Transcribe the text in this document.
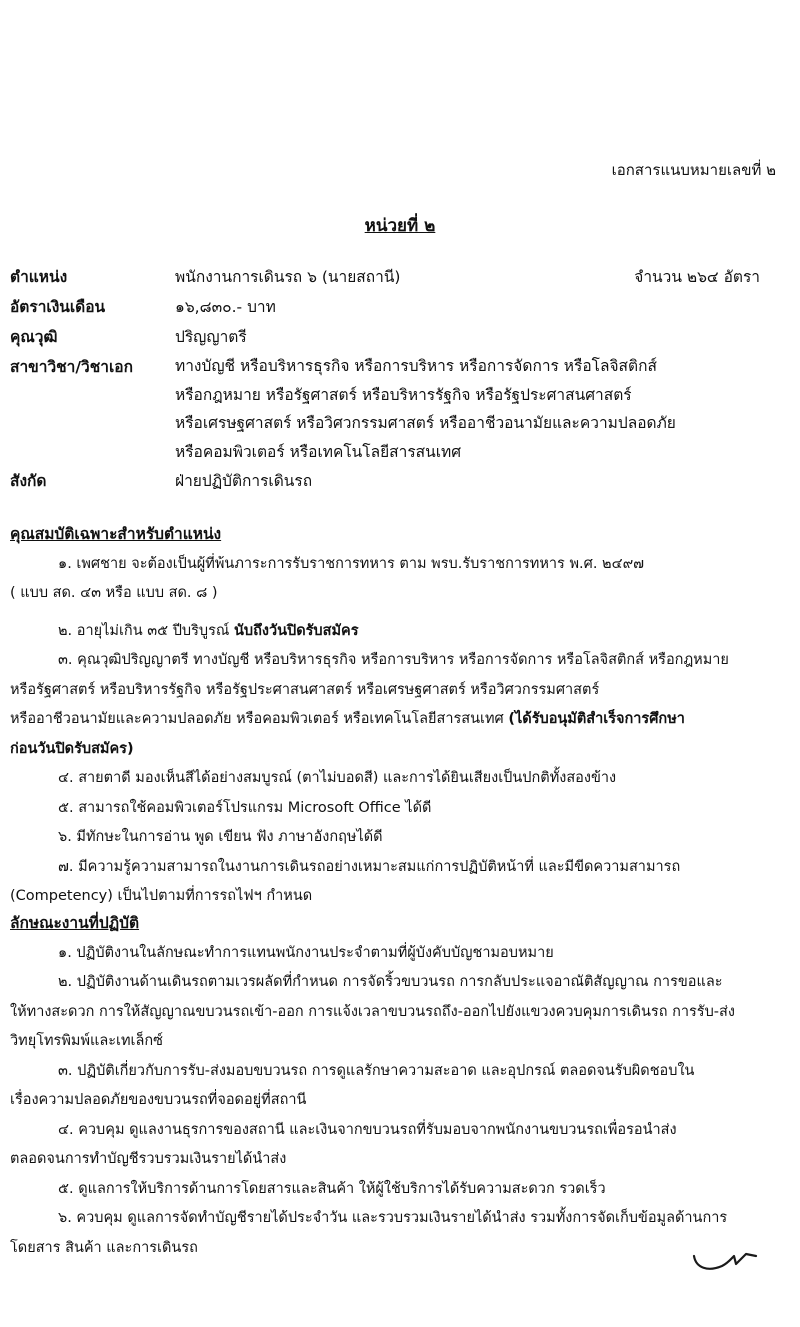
เอกสารแนบหมายเลขที่ ๒
หน่วยที่ ๒
ตำแหน่ง	พนักงานการเดินรถ ๖ (นายสถานี)	จำนวน ๒๖๔ อัตรา
อัตราเงินเดือน	๑๖,๘๓๐.- บาท
คุณวุฒิ	ปริญญาตรี
สาขาวิชา/วิชาเอก	ทางบัญชี หรือบริหารธุรกิจ หรือการบริหาร หรือการจัดการ หรือโลจิสติกส์
หรือกฎหมาย หรือรัฐศาสตร์ หรือบริหารรัฐกิจ หรือรัฐประศาสนศาสตร์
หรือเศรษฐศาสตร์ หรือวิศวกรรมศาสตร์ หรืออาชีวอนามัยและความปลอดภัย
หรือคอมพิวเตอร์ หรือเทคโนโลยีสารสนเทศ
สังกัด	ฝ่ายปฏิบัติการเดินรถ
คุณสมบัติเฉพาะสำหรับตำแหน่ง

๑. เพศชาย จะต้องเป็นผู้ที่พ้นภาระการรับราชการทหาร ตาม พรบ.รับราชการทหาร พ.ศ. ๒๔๙๗

( แบบ สด. ๔๓ หรือ แบบ สด. ๘ )

๒. อายุไม่เกิน ๓๕ ปีบริบูรณ์ นับถึงวันปิดรับสมัคร

๓. คุณวุฒิปริญญาตรี ทางบัญชี หรือบริหารธุรกิจ หรือการบริหาร หรือการจัดการ หรือโลจิสติกส์ หรือกฎหมาย

หรือรัฐศาสตร์ หรือบริหารรัฐกิจ หรือรัฐประศาสนศาสตร์ หรือเศรษฐศาสตร์ หรือวิศวกรรมศาสตร์

หรืออาชีวอนามัยและความปลอดภัย หรือคอมพิวเตอร์ หรือเทคโนโลยีสารสนเทศ (ได้รับอนุมัติสำเร็จการศึกษา

ก่อนวันปิดรับสมัคร)

๔. สายตาดี มองเห็นสีได้อย่างสมบูรณ์ (ตาไม่บอดสี) และการได้ยินเสียงเป็นปกติทั้งสองข้าง

๕. สามารถใช้คอมพิวเตอร์โปรแกรม Microsoft Office ได้ดี

๖. มีทักษะในการอ่าน พูด เขียน ฟัง ภาษาอังกฤษได้ดี

๗. มีความรู้ความสามารถในงานการเดินรถอย่างเหมาะสมแก่การปฏิบัติหน้าที่ และมีขีดความสามารถ

(Competency) เป็นไปตามที่การรถไฟฯ กำหนด

ลักษณะงานที่ปฏิบัติ

๑. ปฏิบัติงานในลักษณะทำการแทนพนักงานประจำตามที่ผู้บังคับบัญชามอบหมาย

๒. ปฏิบัติงานด้านเดินรถตามเวรผลัดที่กำหนด การจัดริ้วขบวนรถ การกลับประแจอาณัติสัญญาณ การขอและ

ให้ทางสะดวก การให้สัญญาณขบวนรถเข้า-ออก การแจ้งเวลาขบวนรถถึง-ออกไปยังแขวงควบคุมการเดินรถ การรับ-ส่ง

วิทยุโทรพิมพ์และเทเล็กซ์

๓. ปฏิบัติเกี่ยวกับการรับ-ส่งมอบขบวนรถ การดูแลรักษาความสะอาด และอุปกรณ์ ตลอดจนรับผิดชอบใน

เรื่องความปลอดภัยของขบวนรถที่จอดอยู่ที่สถานี

๔. ควบคุม ดูแลงานธุรการของสถานี และเงินจากขบวนรถที่รับมอบจากพนักงานขบวนรถเพื่อรอนำส่ง

ตลอดจนการทำบัญชีรวบรวมเงินรายได้นำส่ง

๕. ดูแลการให้บริการด้านการโดยสารและสินค้า ให้ผู้ใช้บริการได้รับความสะดวก รวดเร็ว

๖. ควบคุม ดูแลการจัดทำบัญชีรายได้ประจำวัน และรวบรวมเงินรายได้นำส่ง รวมทั้งการจัดเก็บข้อมูลด้านการ

โดยสาร สินค้า และการเดินรถ
